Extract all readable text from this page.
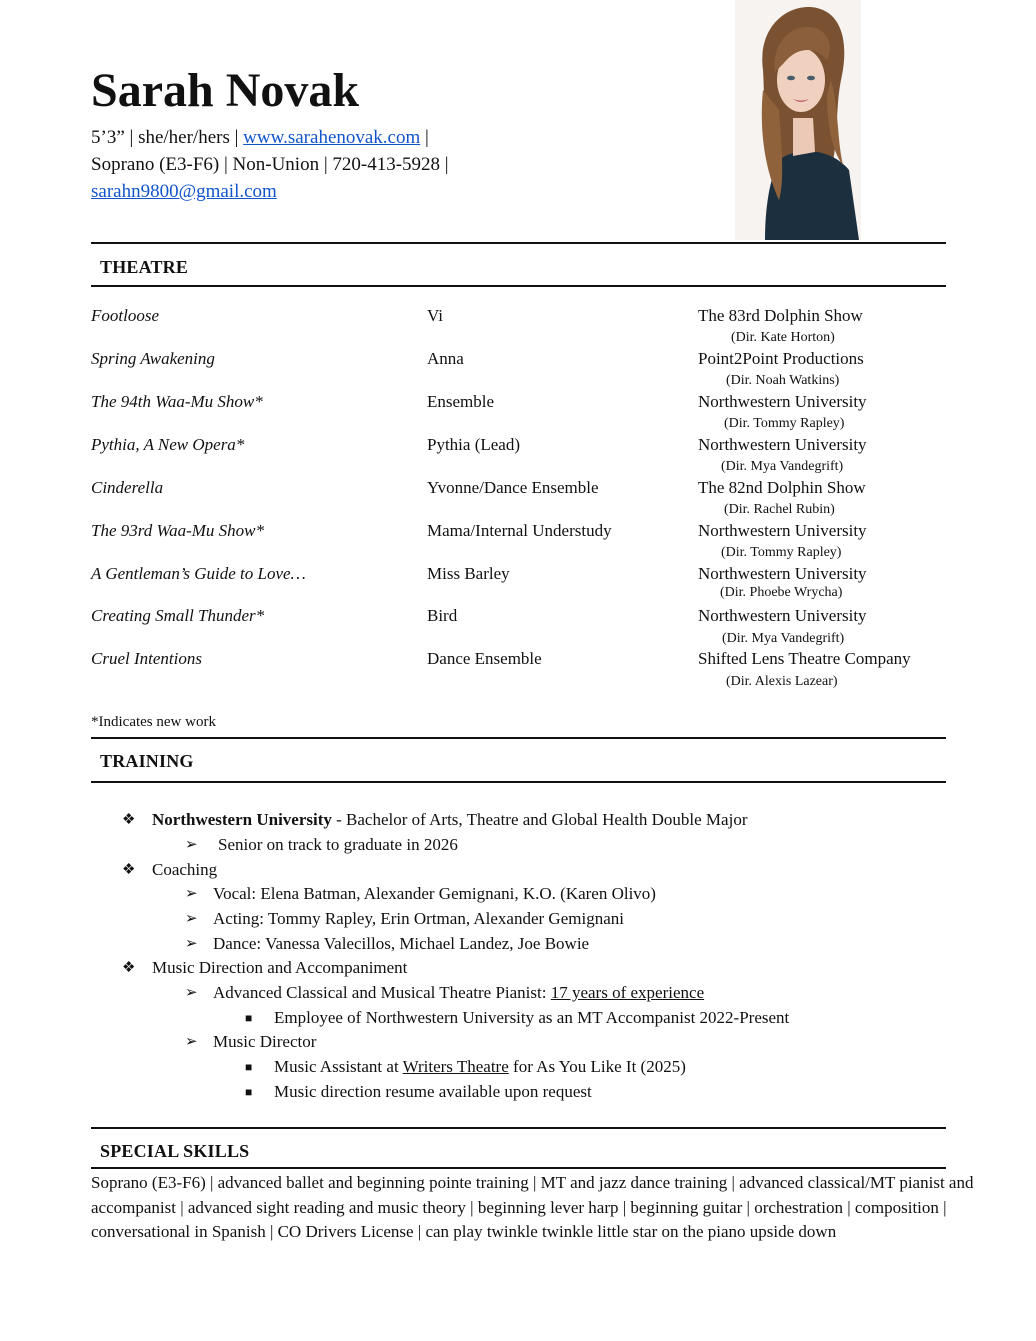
Sarah Novak
5’3” | she/her/hers | www.sarahenovak.com |
Soprano (E3-F6) | Non-Union | 720-413-5928 |
sarahn9800@gmail.com
THEATRE
Footloose	Vi	The 83rd Dolphin Show
(Dir. Kate Horton)
Spring Awakening	Anna	Point2Point Productions
(Dir. Noah Watkins)
The 94th Waa-Mu Show*	Ensemble	Northwestern University
(Dir. Tommy Rapley)
Pythia, A New Opera*	Pythia (Lead)	Northwestern University
(Dir. Mya Vandegrift)
Cinderella	Yvonne/Dance Ensemble	The 82nd Dolphin Show
(Dir. Rachel Rubin)
The 93rd Waa-Mu Show*	Mama/Internal Understudy	Northwestern University
(Dir. Tommy Rapley)
A Gentleman’s Guide to Love…	Miss Barley	Northwestern University
(Dir. Phoebe Wrycha)
Creating Small Thunder*	Bird	Northwestern University
(Dir. Mya Vandegrift)
Cruel Intentions	Dance Ensemble	Shifted Lens Theatre Company
(Dir. Alexis Lazear)
*Indicates new work
TRAINING
❖ Northwestern University - Bachelor of Arts, Theatre and Global Health Double Major
➢ Senior on track to graduate in 2026
❖ Coaching
➢ Vocal: Elena Batman, Alexander Gemignani, K.O. (Karen Olivo)
➢ Acting: Tommy Rapley, Erin Ortman, Alexander Gemignani
➢ Dance: Vanessa Valecillos, Michael Landez, Joe Bowie
❖ Music Direction and Accompaniment
➢ Advanced Classical and Musical Theatre Pianist: 17 years of experience
■ Employee of Northwestern University as an MT Accompanist 2022-Present
➢ Music Director
■ Music Assistant at Writers Theatre for As You Like It (2025)
■ Music direction resume available upon request
SPECIAL SKILLS
Soprano (E3-F6) | advanced ballet and beginning pointe training | MT and jazz dance training | advanced classical/MT pianist and accompanist | advanced sight reading and music theory | beginning lever harp | beginning guitar | orchestration | composition | conversational in Spanish | CO Drivers License | can play twinkle twinkle little star on the piano upside down
